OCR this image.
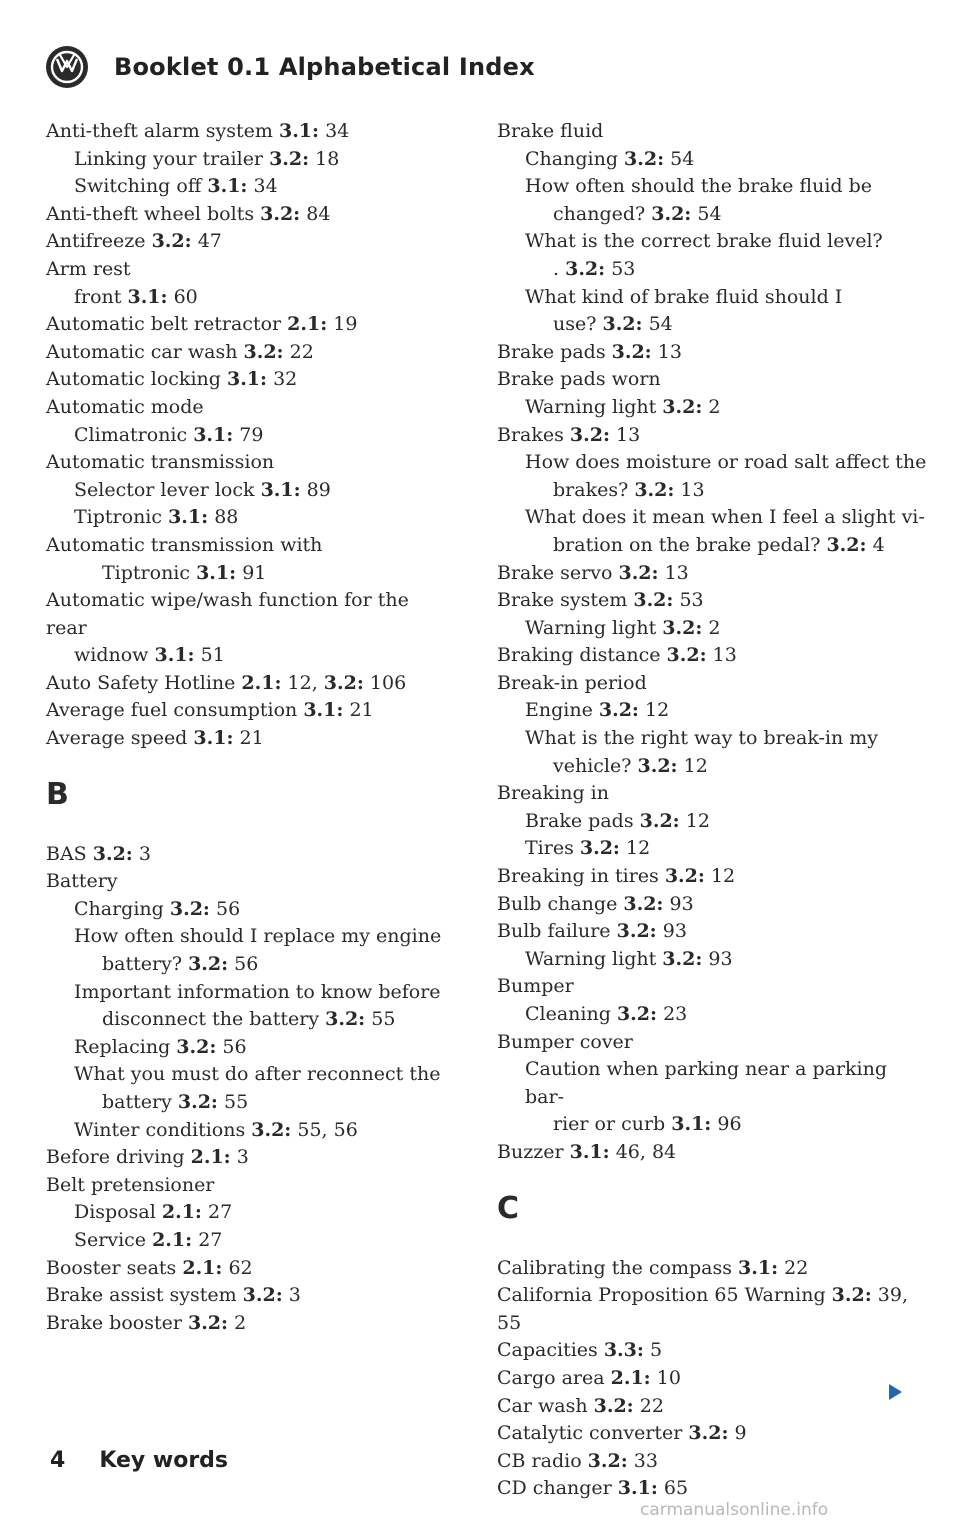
Booklet 0.1 Alphabetical Index
Anti-theft alarm system 3.1: 34
Linking your trailer 3.2: 18
Switching off 3.1: 34
Anti-theft wheel bolts 3.2: 84
Antifreeze 3.2: 47
Arm rest
front 3.1: 60
Automatic belt retractor 2.1: 19
Automatic car wash 3.2: 22
Automatic locking 3.1: 32
Automatic mode
Climatronic 3.1: 79
Automatic transmission
Selector lever lock 3.1: 89
Tiptronic 3.1: 88
Automatic transmission with
Tiptronic 3.1: 91
Automatic wipe/wash function for the rear
widnow 3.1: 51
Auto Safety Hotline 2.1: 12, 3.2: 106
Average fuel consumption 3.1: 21
Average speed 3.1: 21
B
BAS 3.2: 3
Battery
Charging 3.2: 56
How often should I replace my engine
battery? 3.2: 56
Important information to know before
disconnect the battery 3.2: 55
Replacing 3.2: 56
What you must do after reconnect the
battery 3.2: 55
Winter conditions 3.2: 55, 56
Before driving 2.1: 3
Belt pretensioner
Disposal 2.1: 27
Service 2.1: 27
Booster seats 2.1: 62
Brake assist system 3.2: 3
Brake booster 3.2: 2
Brake fluid
Changing 3.2: 54
How often should the brake fluid be
changed? 3.2: 54
What is the correct brake fluid level?
. 3.2: 53
What kind of brake fluid should I
use? 3.2: 54
Brake pads 3.2: 13
Brake pads worn
Warning light 3.2: 2
Brakes 3.2: 13
How does moisture or road salt affect the
brakes? 3.2: 13
What does it mean when I feel a slight vi-
bration on the brake pedal? 3.2: 4
Brake servo 3.2: 13
Brake system 3.2: 53
Warning light 3.2: 2
Braking distance 3.2: 13
Break-in period
Engine 3.2: 12
What is the right way to break-in my
vehicle? 3.2: 12
Breaking in
Brake pads 3.2: 12
Tires 3.2: 12
Breaking in tires 3.2: 12
Bulb change 3.2: 93
Bulb failure 3.2: 93
Warning light 3.2: 93
Bumper
Cleaning 3.2: 23
Bumper cover
Caution when parking near a parking bar-
rier or curb 3.1: 96
Buzzer 3.1: 46, 84
C
Calibrating the compass 3.1: 22
California Proposition 65 Warning 3.2: 39, 55
Capacities 3.3: 5
Cargo area 2.1: 10
Car wash 3.2: 22
Catalytic converter 3.2: 9
CB radio 3.2: 33
CD changer 3.1: 65
4 Key words
carmanualsonline.info
